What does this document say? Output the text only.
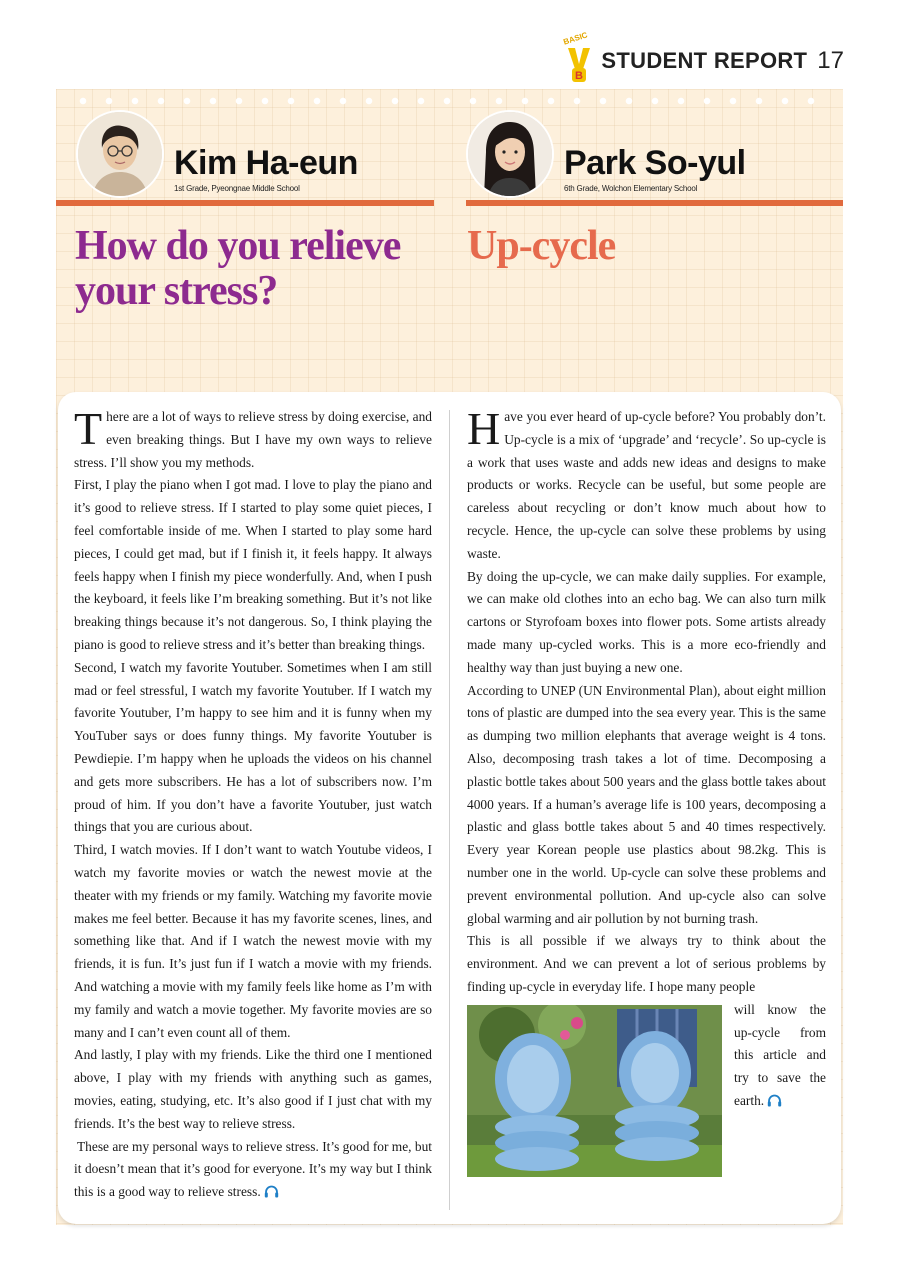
BASIC
B
STUDENT REPORT 17
Kim Ha-eun
1st Grade, Pyeongnae Middle School
Park So-yul
6th Grade, Wolchon Elementary School
How do you relieve your stress?
Up-cycle

There are a lot of ways to relieve stress by doing exercise, and even breaking things. But I have my own ways to relieve stress. I’ll show you my methods.

First, I play the piano when I got mad. I love to play the piano and it’s good to relieve stress. If I started to play some quiet pieces, I feel comfortable inside of me. When I started to play some hard pieces, I could get mad, but if I finish it, it feels happy. It always feels happy when I finish my piece wonderfully. And, when I push the keyboard, it feels like I’m breaking something. But it’s not like breaking things because it’s not dangerous. So, I think playing the piano is good to relieve stress and it’s better than breaking things.

Second, I watch my favorite Youtuber. Sometimes when I am still mad or feel stressful, I watch my favorite Youtuber. If I watch my favorite Youtuber, I’m happy to see him and it is funny when my YouTuber says or does funny things. My favorite Youtuber is Pewdiepie. I’m happy when he uploads the videos on his channel and gets more subscribers. He has a lot of subscribers now. I’m proud of him. If you don’t have a favorite Youtuber, just watch things that you are curious about.

Third, I watch movies. If I don’t want to watch Youtube videos, I watch my favorite movies or watch the newest movie at the theater with my friends or my family. Watching my favorite movie makes me feel better. Because it has my favorite scenes, lines, and something like that. And if I watch the newest movie with my friends, it is fun. It’s just fun if I watch a movie with my friends. And watching a movie with my family feels like home as I’m with my family and watch a movie together. My favorite movies are so many and I can’t even count all of them.

And lastly, I play with my friends. Like the third one I mentioned above, I play with my friends with anything such as games, movies, eating, studying, etc. It’s also good if I just chat with my friends. It’s the best way to relieve stress.

These are my personal ways to relieve stress. It’s good for me, but it doesn’t mean that it’s good for everyone. It’s my way but I think this is a good way to relieve stress.

Have you ever heard of up-cycle before? You probably don’t. Up-cycle is a mix of ‘upgrade’ and ‘recycle’. So up-cycle is a work that uses waste and adds new ideas and designs to make products or works. Recycle can be useful, but some people are careless about recycling or don’t know much about how to recycle. Hence, the up-cycle can solve these problems by using waste.

By doing the up-cycle, we can make daily supplies. For example, we can make old clothes into an echo bag. We can also turn milk cartons or Styrofoam boxes into flower pots. Some artists already made many up-cycled works. This is a more eco-friendly and healthy way than just buying a new one.

According to UNEP (UN Environmental Plan), about eight million tons of plastic are dumped into the sea every year. This is the same as dumping two million elephants that average weight is 4 tons. Also, decomposing trash takes a lot of time. Decomposing a plastic bottle takes about 500 years and the glass bottle takes about 4000 years. If a human’s average life is 100 years, decomposing a plastic and glass bottle takes about 5 and 40 times respectively. Every year Korean people use plastics about 98.2kg. This is number one in the world. Up-cycle can solve these problems and prevent environmental pollution. And up-cycle also can solve global warming and air pollution by not burning trash.

This is all possible if we always try to think about the environment. And we can prevent a lot of serious problems by finding up-cycle in everyday life. I hope many people

will know the up-cycle from this article and try to save the earth.
